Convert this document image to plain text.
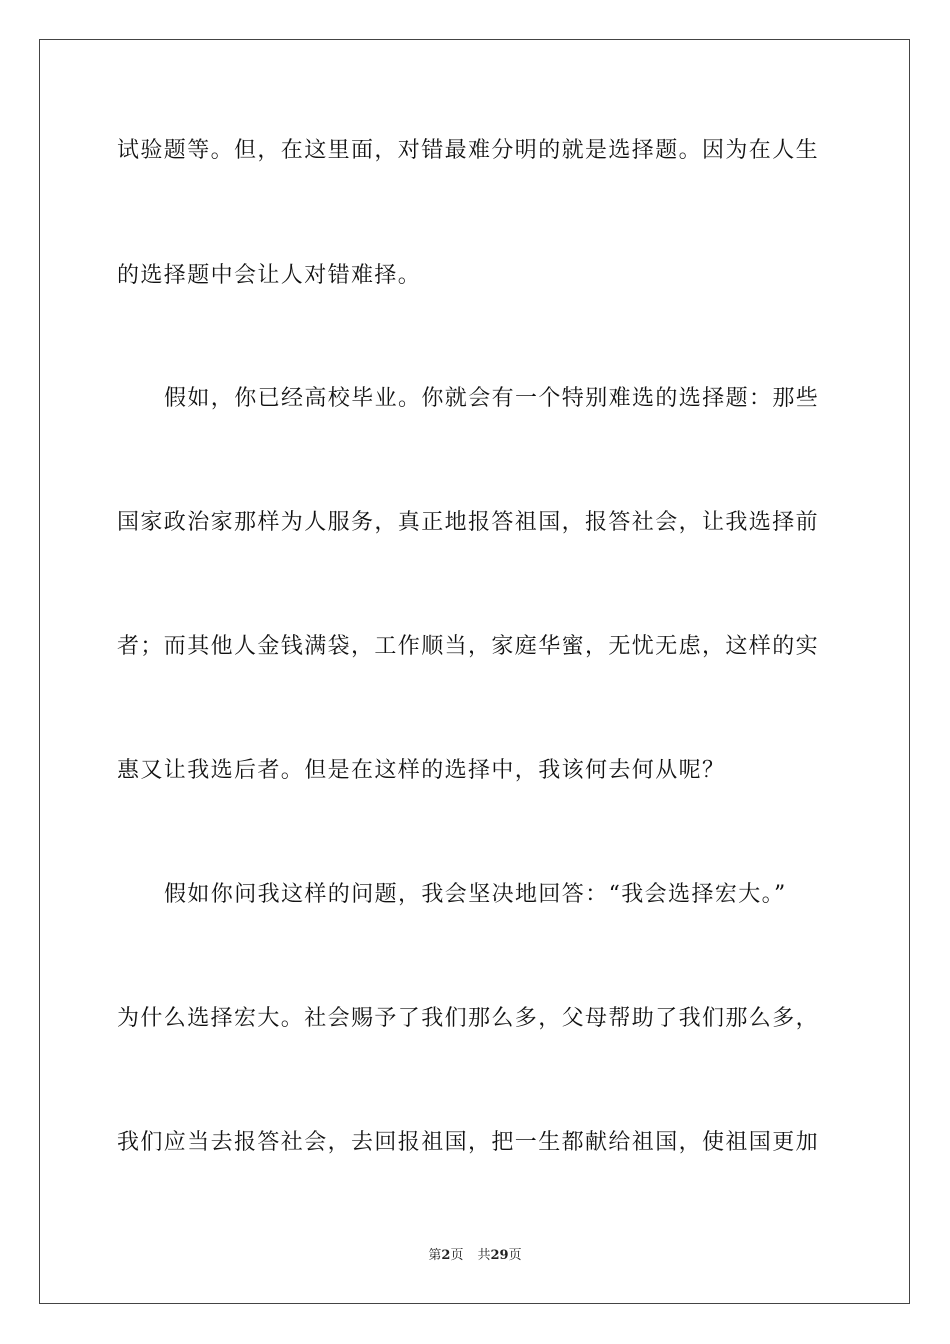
试验题等。但，在这里面，对错最难分明的就是选择题。因为在人生
的选择题中会让人对错难择。
假如，你已经高校毕业。你就会有一个特别难选的选择题：那些
国家政治家那样为人服务，真正地报答祖国，报答社会，让我选择前
者；而其他人金钱满袋，工作顺当，家庭华蜜，无忧无虑，这样的实
惠又让我选后者。但是在这样的选择中，我该何去何从呢？
假如你问我这样的问题，我会坚决地回答：“我会选择宏大。”
为什么选择宏大。社会赐予了我们那么多，父母帮助了我们那么多，
我们应当去报答社会，去回报祖国，把一生都献给祖国，使祖国更加
第2页 共29页
